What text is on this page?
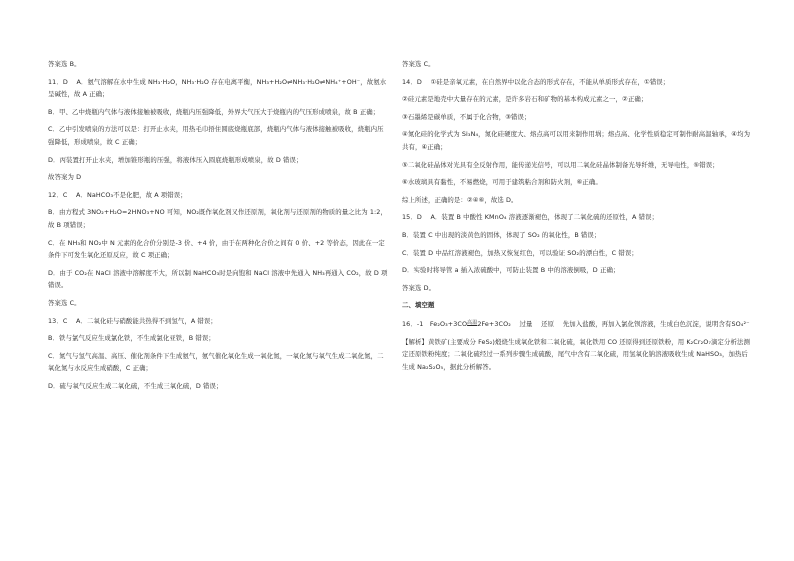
答案选 B。

11．D　 A．氨气溶解在水中生成 NH₃·H₂O，NH₃·H₂O 存在电离平衡，NH₃+H₂O⇌NH₃·H₂O⇌NH₄⁺+OH⁻，故氨水呈碱性，故 A 正确；

B．甲、乙中烧瓶内气体与液体接触被吸收，烧瓶内压强降低，外界大气压大于烧瓶内的气压形成喷泉，故 B 正确；

C．乙中引发喷泉的方法可以是：打开止水夹，用热毛巾捂住圆底烧瓶底部，烧瓶内气体与液体接触被吸收，烧瓶内压强降低，形成喷泉，故 C 正确；

D．丙装置打开止水夹，增加锥形瓶的压强，将液体压入圆底烧瓶形成喷泉，故 D 错误；

故答案为 D

12．C　 A．NaHCO₃不是化肥，故 A 项错误；

B．由方程式 3NO₂+H₂O=2HNO₃+NO 可知，NO₂既作氧化剂又作还原剂，氧化剂与还原剂的物质的量之比为 1:2，故 B 项错误；

C．在 NH₃和 NO₂中 N 元素的化合价分别是-3 价、+4 价，由于在两种化合价之间有 0 价、+2 等价态，因此在一定条件下可发生氧化还原反应，故 C 项正确；

D．由于 CO₂在 NaCl 溶液中溶解度不大，所以制 NaHCO₃时是向饱和 NaCl 溶液中先通入 NH₃再通入 CO₂，故 D 项错误。

答案选 C。

13．C　 A．二氧化硅与硝酸能共热得不到氢气，A 错误；

B．铁与氯气反应生成氯化铁，不生成氯化亚铁，B 错误；

C．氮气与氢气高温、高压、催化剂条件下生成氨气，氨气催化氧化生成一氧化氮，一氧化氮与氧气生成二氧化氮，二氧化氮与水反应生成硝酸，C 正确；

D．硫与氧气反应生成二氧化硫，不生成三氧化硫，D 错误；

答案选 C。

14．D　 ①硅是亲氧元素，在自然界中以化合态的形式存在，不能从单质形式存在，①错误；

②硅元素是地壳中大量存在的元素，是许多岩石和矿物的基本构成元素之一，②正确；

③石墨烯是碳单质，不属于化合物，③错误；

④氮化硅的化学式为 Si₃N₄，氮化硅硬度大、熔点高可以用来制作用埚；熔点高、化学性质稳定可制作耐高温轴承，④均为共有，④正确；

⑤二氧化硅晶体对光具有全反射作用，能传递光信号，可以用二氧化硅晶体制备光导纤维，无导电性，⑤错误；

⑥水玻璃具有黏性，不易燃烧，可用于建筑粘合剂和防火剂，⑥正确。

综上所述，正确的是：②④⑥，故选 D。

15．D　 A．装置 B 中酸性 KMnO₄ 溶液逐渐褪色，体现了二氧化硫的还原性，A 错误；

B．装置 C 中出现的淡黄色的固体，体现了 SO₂ 的氧化性，B 错误；

C．装置 D 中品红溶液褪色，加热又恢复红色，可以验证 SO₂的漂白性，C 错误；

D．实验时将导管 a 插入浓硫酸中，可防止装置 B 中的溶液倒吸，D 正确；

答案选 D。

二、填空题

16．-1　$Fe_2O_3+3CO^{高温}2Fe+3CO_2$　 过量　 还原　 先加入盐酸，再加入氯化钡溶液，生成白色沉淀，说明含有SO₄²⁻

【解析】黄铁矿(主要成分 FeS₂)煅烧生成氧化铁和二氧化硫，氧化铁用 CO 还原得到还原铁粉，用 K₂Cr₂O₇滴定分析法测定还原铁粉纯度；二氧化硫经过一系列步骤生成硫酸，尾气中含有二氧化硫，用氢氧化钠溶液吸收生成 NaHSO₃，加热后生成 Na₂S₂O₅，据此分析解答。
